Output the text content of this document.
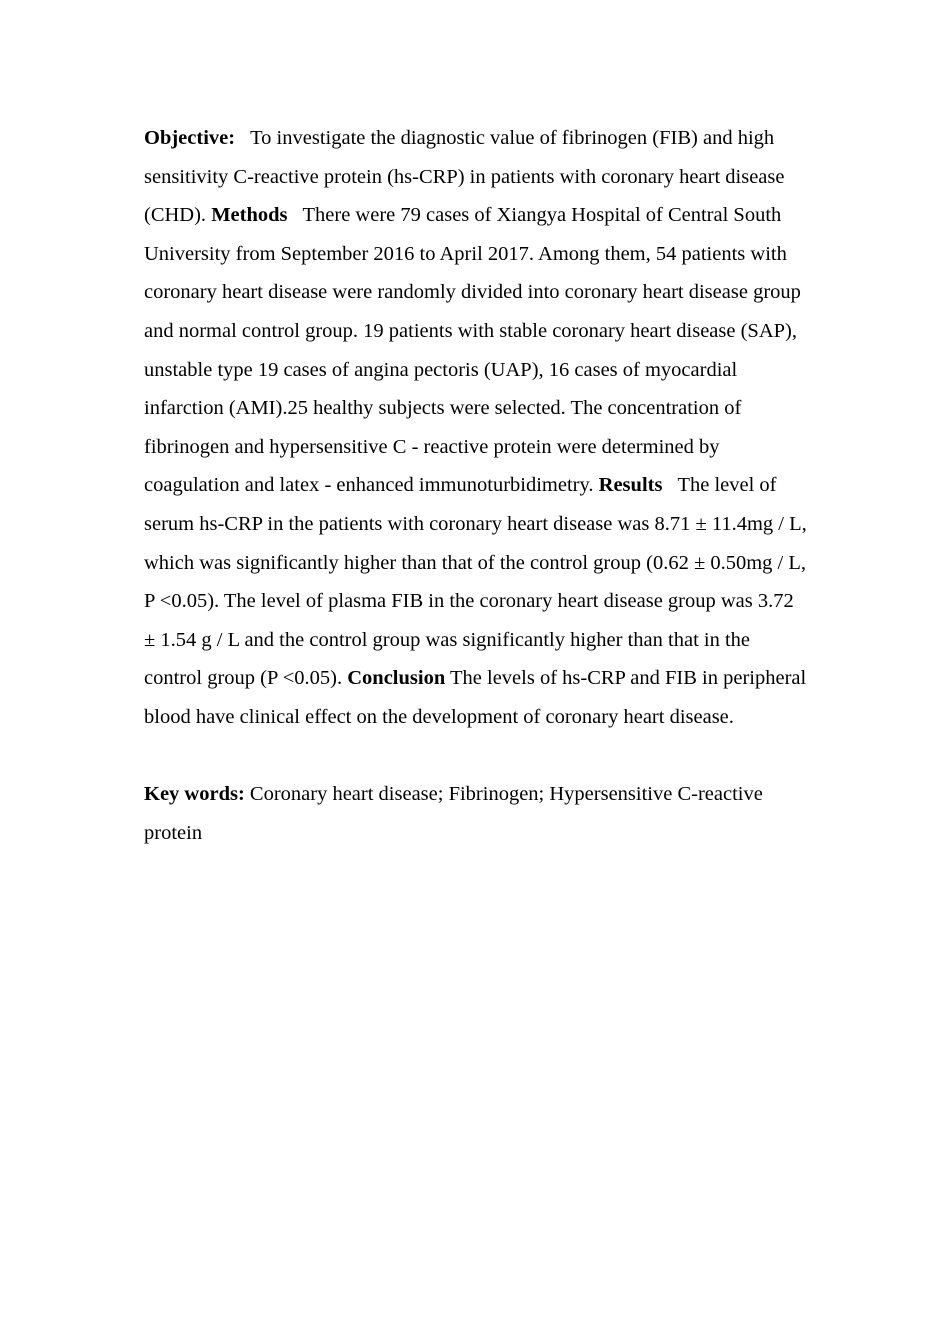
Objective: To investigate the diagnostic value of fibrinogen (FIB) and high sensitivity C-reactive protein (hs-CRP) in patients with coronary heart disease (CHD). Methods There were 79 cases of Xiangya Hospital of Central South University from September 2016 to April 2017. Among them, 54 patients with coronary heart disease were randomly divided into coronary heart disease group and normal control group. 19 patients with stable coronary heart disease (SAP), unstable type 19 cases of angina pectoris (UAP), 16 cases of myocardial infarction (AMI).25 healthy subjects were selected. The concentration of fibrinogen and hypersensitive C - reactive protein were determined by coagulation and latex - enhanced immunoturbidimetry. Results The level of serum hs-CRP in the patients with coronary heart disease was 8.71 ± 11.4mg / L, which was significantly higher than that of the control group (0.62 ± 0.50mg / L, P <0.05). The level of plasma FIB in the coronary heart disease group was 3.72 ± 1.54 g / L and the control group was significantly higher than that in the control group (P <0.05). Conclusion The levels of hs-CRP and FIB in peripheral blood have clinical effect on the development of coronary heart disease.

Key words: Coronary heart disease; Fibrinogen; Hypersensitive C-reactive protein
